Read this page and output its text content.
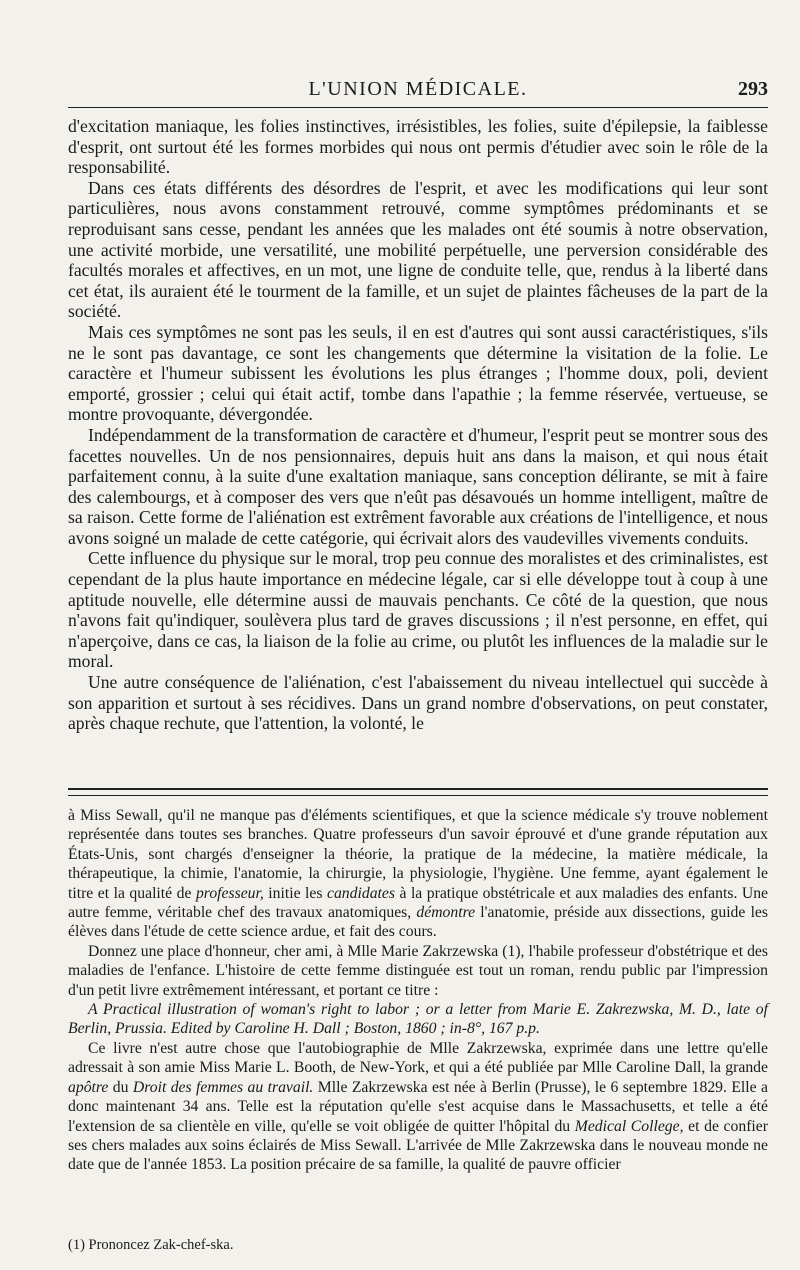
L'UNION MÉDICALE.	293

d'excitation maniaque, les folies instinctives, irrésistibles, les folies, suite d'épilepsie, la faiblesse d'esprit, ont surtout été les formes morbides qui nous ont permis d'étudier avec soin le rôle de la responsabilité.

Dans ces états différents des désordres de l'esprit, et avec les modifications qui leur sont particulières, nous avons constamment retrouvé, comme symptômes prédominants et se reproduisant sans cesse, pendant les années que les malades ont été soumis à notre observation, une activité morbide, une versatilité, une mobilité perpétuelle, une perversion considérable des facultés morales et affectives, en un mot, une ligne de conduite telle, que, rendus à la liberté dans cet état, ils auraient été le tourment de la famille, et un sujet de plaintes fâcheuses de la part de la société.

Mais ces symptômes ne sont pas les seuls, il en est d'autres qui sont aussi caractéristiques, s'ils ne le sont pas davantage, ce sont les changements que détermine la visitation de la folie. Le caractère et l'humeur subissent les évolutions les plus étranges ; l'homme doux, poli, devient emporté, grossier ; celui qui était actif, tombe dans l'apathie ; la femme réservée, vertueuse, se montre provoquante, dévergondée.

Indépendamment de la transformation de caractère et d'humeur, l'esprit peut se montrer sous des facettes nouvelles. Un de nos pensionnaires, depuis huit ans dans la maison, et qui nous était parfaitement connu, à la suite d'une exaltation maniaque, sans conception délirante, se mit à faire des calembourgs, et à composer des vers que n'eût pas désavoués un homme intelligent, maître de sa raison. Cette forme de l'aliénation est extrêment favorable aux créations de l'intelligence, et nous avons soigné un malade de cette catégorie, qui écrivait alors des vaudevilles vivements conduits.

Cette influence du physique sur le moral, trop peu connue des moralistes et des criminalistes, est cependant de la plus haute importance en médecine légale, car si elle développe tout à coup à une aptitude nouvelle, elle détermine aussi de mauvais penchants. Ce côté de la question, que nous n'avons fait qu'indiquer, soulèvera plus tard de graves discussions ; il n'est personne, en effet, qui n'aperçoive, dans ce cas, la liaison de la folie au crime, ou plutôt les influences de la maladie sur le moral.

Une autre conséquence de l'aliénation, c'est l'abaissement du niveau intellectuel qui succède à son apparition et surtout à ses récidives. Dans un grand nombre d'observations, on peut constater, après chaque rechute, que l'attention, la volonté, le

à Miss Sewall, qu'il ne manque pas d'éléments scientifiques, et que la science médicale s'y trouve noblement représentée dans toutes ses branches. Quatre professeurs d'un savoir éprouvé et d'une grande réputation aux États-Unis, sont chargés d'enseigner la théorie, la pratique de la médecine, la matière médicale, la thérapeutique, la chimie, l'anatomie, la chirurgie, la physiologie, l'hygiène. Une femme, ayant également le titre et la qualité de professeur, initie les candidates à la pratique obstétricale et aux maladies des enfants. Une autre femme, véritable chef des travaux anatomiques, démontre l'anatomie, préside aux dissections, guide les élèves dans l'étude de cette science ardue, et fait des cours.

Donnez une place d'honneur, cher ami, à Mlle Marie Zakrzewska (1), l'habile professeur d'obstétrique et des maladies de l'enfance. L'histoire de cette femme distinguée est tout un roman, rendu public par l'impression d'un petit livre extrêmement intéressant, et portant ce titre :

A Practical illustration of woman's right to labor ; or a letter from Marie E. Zakrezwska, M. D., late of Berlin, Prussia. Edited by Caroline H. Dall ; Boston, 1860 ; in-8°, 167 p.p.

Ce livre n'est autre chose que l'autobiographie de Mlle Zakrzewska, exprimée dans une lettre qu'elle adressait à son amie Miss Marie L. Booth, de New-York, et qui a été publiée par Mlle Caroline Dall, la grande apôtre du Droit des femmes au travail. Mlle Zakrzewska est née à Berlin (Prusse), le 6 septembre 1829. Elle a donc maintenant 34 ans. Telle est la réputation qu'elle s'est acquise dans le Massachusetts, et telle a été l'extension de sa clientèle en ville, qu'elle se voit obligée de quitter l'hôpital du Medical College, et de confier ses chers malades aux soins éclairés de Miss Sewall. L'arrivée de Mlle Zakrzewska dans le nouveau monde ne date que de l'année 1853. La position précaire de sa famille, la qualité de pauvre officier

(1) Prononcez Zak-chef-ska.
